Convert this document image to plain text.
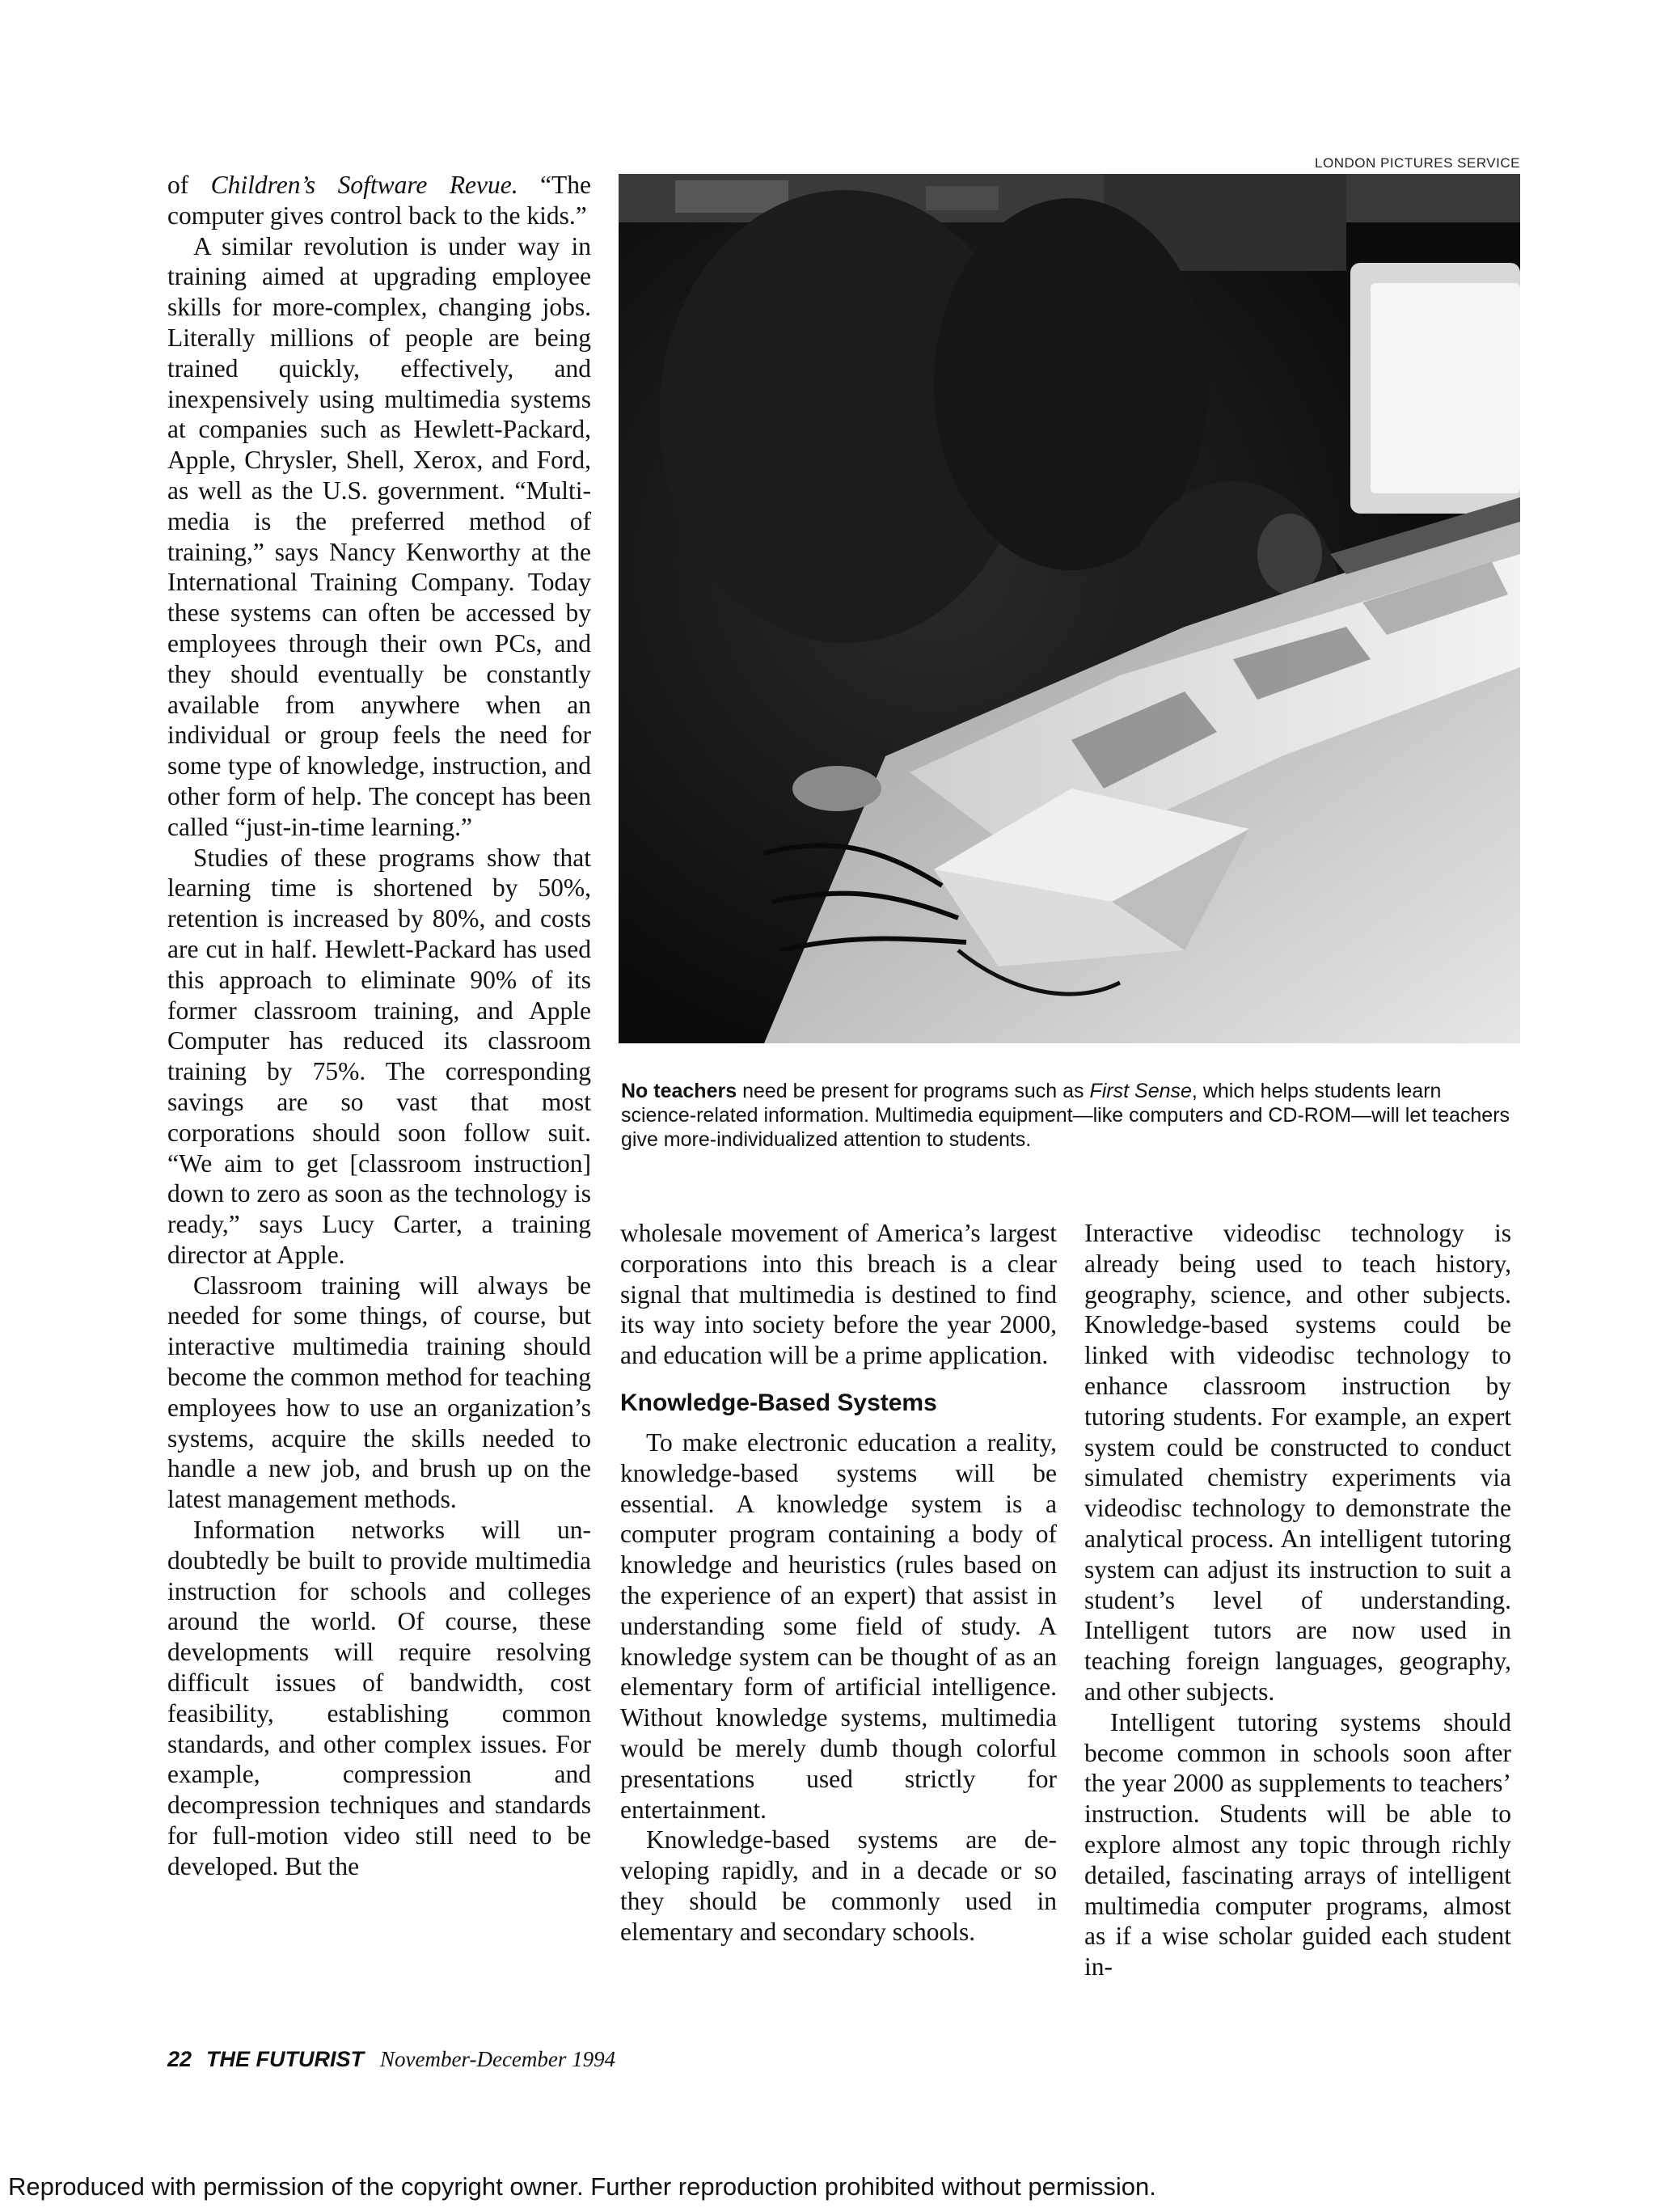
of Children’s Software Revue. “The computer gives control back to the kids.”

A similar revolution is under way in training aimed at upgrading employee skills for more-complex, changing jobs. Literally millions of people are being trained quickly, effectively, and inexpensively using multimedia systems at companies such as Hewlett-Packard, Apple, Chrysler, Shell, Xerox, and Ford, as well as the U.S. government. “Multimedia is the preferred method of training,” says Nancy Kenworthy at the International Training Company. Today these systems can often be accessed by employees through their own PCs, and they should eventually be constantly available from anywhere when an individual or group feels the need for some type of knowledge, instruction, and other form of help. The concept has been called “just-in-time learning.”

Studies of these programs show that learning time is shortened by 50%, retention is increased by 80%, and costs are cut in half. Hewlett-Packard has used this approach to eliminate 90% of its former classroom training, and Apple Computer has reduced its classroom training by 75%. The corresponding savings are so vast that most corporations should soon follow suit. “We aim to get [classroom instruction] down to zero as soon as the technology is ready,” says Lucy Carter, a training director at Apple.

Classroom training will always be needed for some things, of course, but interactive multimedia training should become the common method for teaching employees how to use an organization’s systems, acquire the skills needed to handle a new job, and brush up on the latest management methods.

Information networks will undoubtedly be built to provide multimedia instruction for schools and colleges around the world. Of course, these developments will require resolving difficult issues of bandwidth, cost feasibility, establishing common standards, and other complex issues. For example, compression and decompression techniques and standards for full-motion video still need to be developed. But the

LONDON PICTURES SERVICE
No teachers need be present for programs such as First Sense, which helps students learn science-related information. Multimedia equipment—like computers and CD-ROM—will let teachers give more-individualized attention to students.

wholesale movement of America’s largest corporations into this breach is a clear signal that multimedia is destined to find its way into society before the year 2000, and education will be a prime application.

Knowledge-Based Systems

To make electronic education a reality, knowledge-based systems will be essential. A knowledge system is a computer program containing a body of knowledge and heuristics (rules based on the experience of an expert) that assist in understanding some field of study. A knowledge system can be thought of as an elementary form of artificial intelligence. Without knowledge systems, multimedia would be merely dumb though colorful presentations used strictly for entertainment.

Knowledge-based systems are developing rapidly, and in a decade or so they should be commonly used in elementary and secondary schools.

Interactive videodisc technology is already being used to teach history, geography, science, and other subjects. Knowledge-based systems could be linked with videodisc technology to enhance classroom instruction by tutoring students. For example, an expert system could be constructed to conduct simulated chemistry experiments via videodisc technology to demonstrate the analytical process. An intelligent tutoring system can adjust its instruction to suit a student’s level of understanding. Intelligent tutors are now used in teaching foreign languages, geography, and other subjects.

Intelligent tutoring systems should become common in schools soon after the year 2000 as supplements to teachers’ instruction. Students will be able to explore almost any topic through richly detailed, fascinating arrays of intelligent multimedia computer programs, almost as if a wise scholar guided each student in-

22 THE FUTURIST November-December 1994
Reproduced with permission of the copyright owner. Further reproduction prohibited without permission.
